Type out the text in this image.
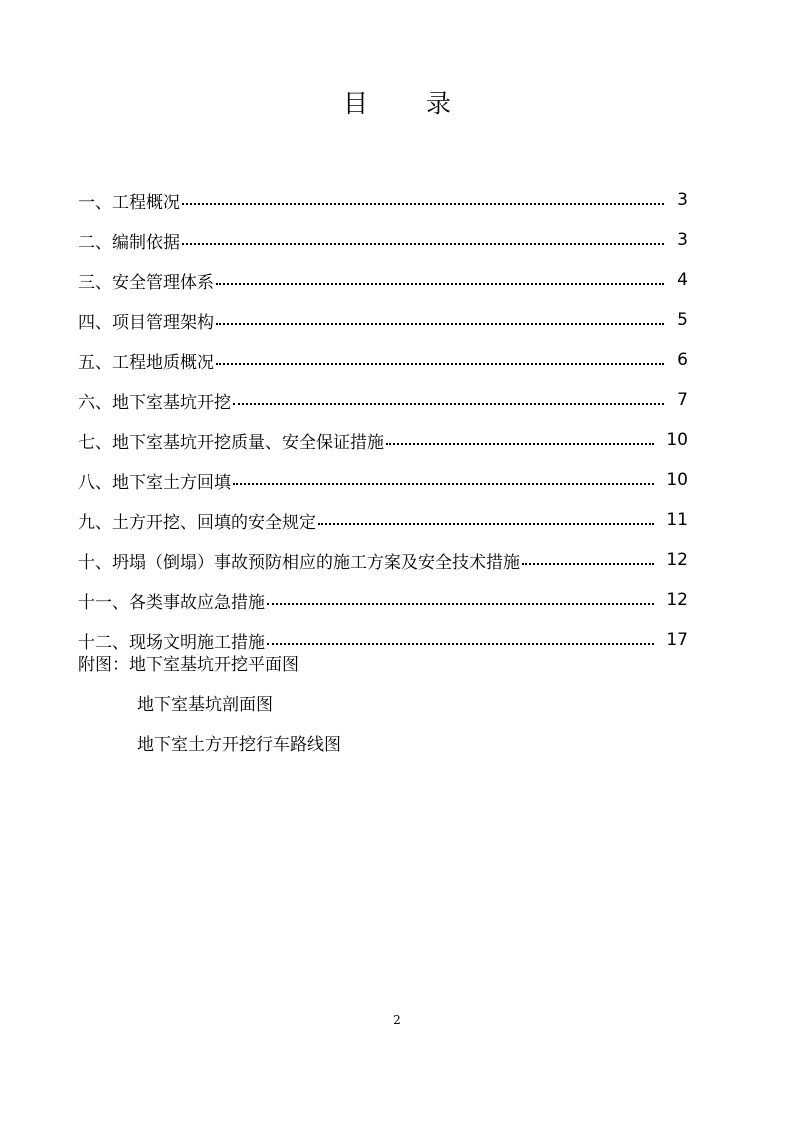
目录
一、工程概况	3
二、编制依据	3
三、安全管理体系	4
四、项目管理架构	5
五、工程地质概况	6
六、地下室基坑开挖	7
七、地下室基坑开挖质量、安全保证措施	10
八、地下室土方回填	10
九、土方开挖、回填的安全规定	11
十、坍塌（倒塌）事故预防相应的施工方案及安全技术措施	12
十一、各类事故应急措施	12
十二、现场文明施工措施	17
附图：地下室基坑开挖平面图
地下室基坑剖面图
地下室土方开挖行车路线图
2
